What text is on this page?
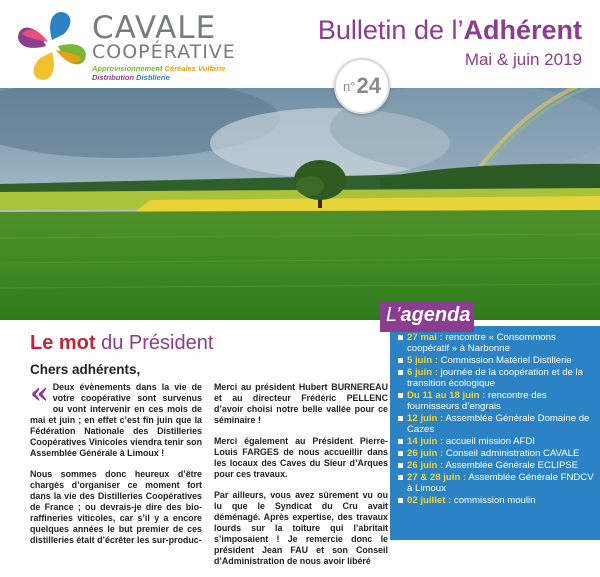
CAVALE
COOPÉRATIVE
Approvisionnement Céréales Vulfarie
Distribution Distillerie
Bulletin de l’Adhérent
Mai & juin 2019
n° 24
Le mot du Président
Chers adhérents,

« Deux évènements dans la vie de votre coopérative sont survenus ou vont intervenir en ces mois de mai et juin ; en effet c’est fin juin que la Fédération Nationale des Distilleries Coopératives Vinicoles viendra tenir son Assemblée Générale à Limoux !

Nous sommes donc heureux d’être chargés d’organiser ce moment fort dans la vie des Distilleries Coopératives de France ; ou devrais-je dire des bio-raffineries viticoles, car s’il y a encore quelques années le but premier de ces distilleries était d’écrêter les sur-produc-

Merci au président Hubert BURNEREAU et au directeur Frédéric PELLENC d’avoir choisi notre belle vallée pour ce séminaire !

Merci également au Président Pierre-Louis FARGES de nous accueillir dans les locaux des Caves du Sieur d’Arques pour ces travaux.

Par ailleurs, vous avez sûrement vu ou lu que le Syndicat du Cru avait déménagé. Après expertise, des travaux lourds sur la toiture qui l’abritait s’imposaient ! Je remercie donc le président Jean FAU et son Conseil d’Administration de nous avoir libéré

L’agenda
27 mai : rencontre « Consommons coopératif » à Narbonne
5 juin : Commission Matériel Distillerie
6 juin : journée de la coopération et de la transition écologique
Du 11 au 18 juin : rencontre des fournisseurs d’engrais
12 juin : Assemblée Générale Domaine de Cazes
14 juin : accueil mission AFDI
26 juin : Conseil administration CAVALE
26 juin : Assemblée Générale ECLIPSE
27 & 28 juin : Assemblée Générale FNDCV à Limoux
02 juillet : commission moulin
